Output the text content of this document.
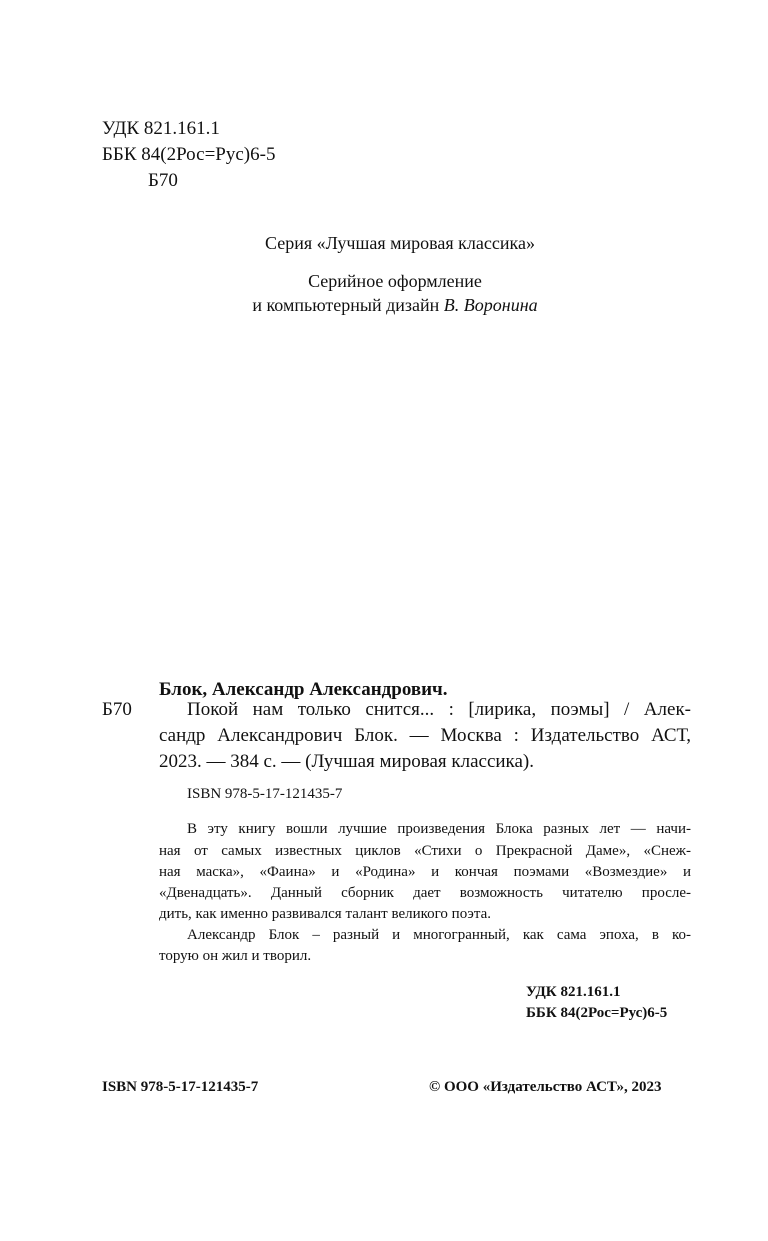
УДК 821.161.1
ББК 84(2Рос=Рус)6-5
Б70
Серия «Лучшая мировая классика»
Серийное оформление
и компьютерный дизайн В. Воронина
Блок, Александр Александрович.
Б70	Покой нам только снится... : [лирика, поэмы] / Алек-
сандр Александрович Блок. — Москва : Издательство АСТ,
2023. — 384 с. — (Лучшая мировая классика).
ISBN 978-5-17-121435-7
В эту книгу вошли лучшие произведения Блока разных лет — начи-
ная от самых известных циклов «Стихи о Прекрасной Даме», «Снеж-
ная маска», «Фаина» и «Родина» и кончая поэмами «Возмездие» и
«Двенадцать». Данный сборник дает возможность читателю просле-
дить, как именно развивался талант великого поэта.
Александр Блок – разный и многогранный, как сама эпоха, в ко-
торую он жил и творил.
УДК 821.161.1
ББК 84(2Рос=Рус)6-5
ISBN 978-5-17-121435-7	© ООО «Издательство АСТ», 2023
